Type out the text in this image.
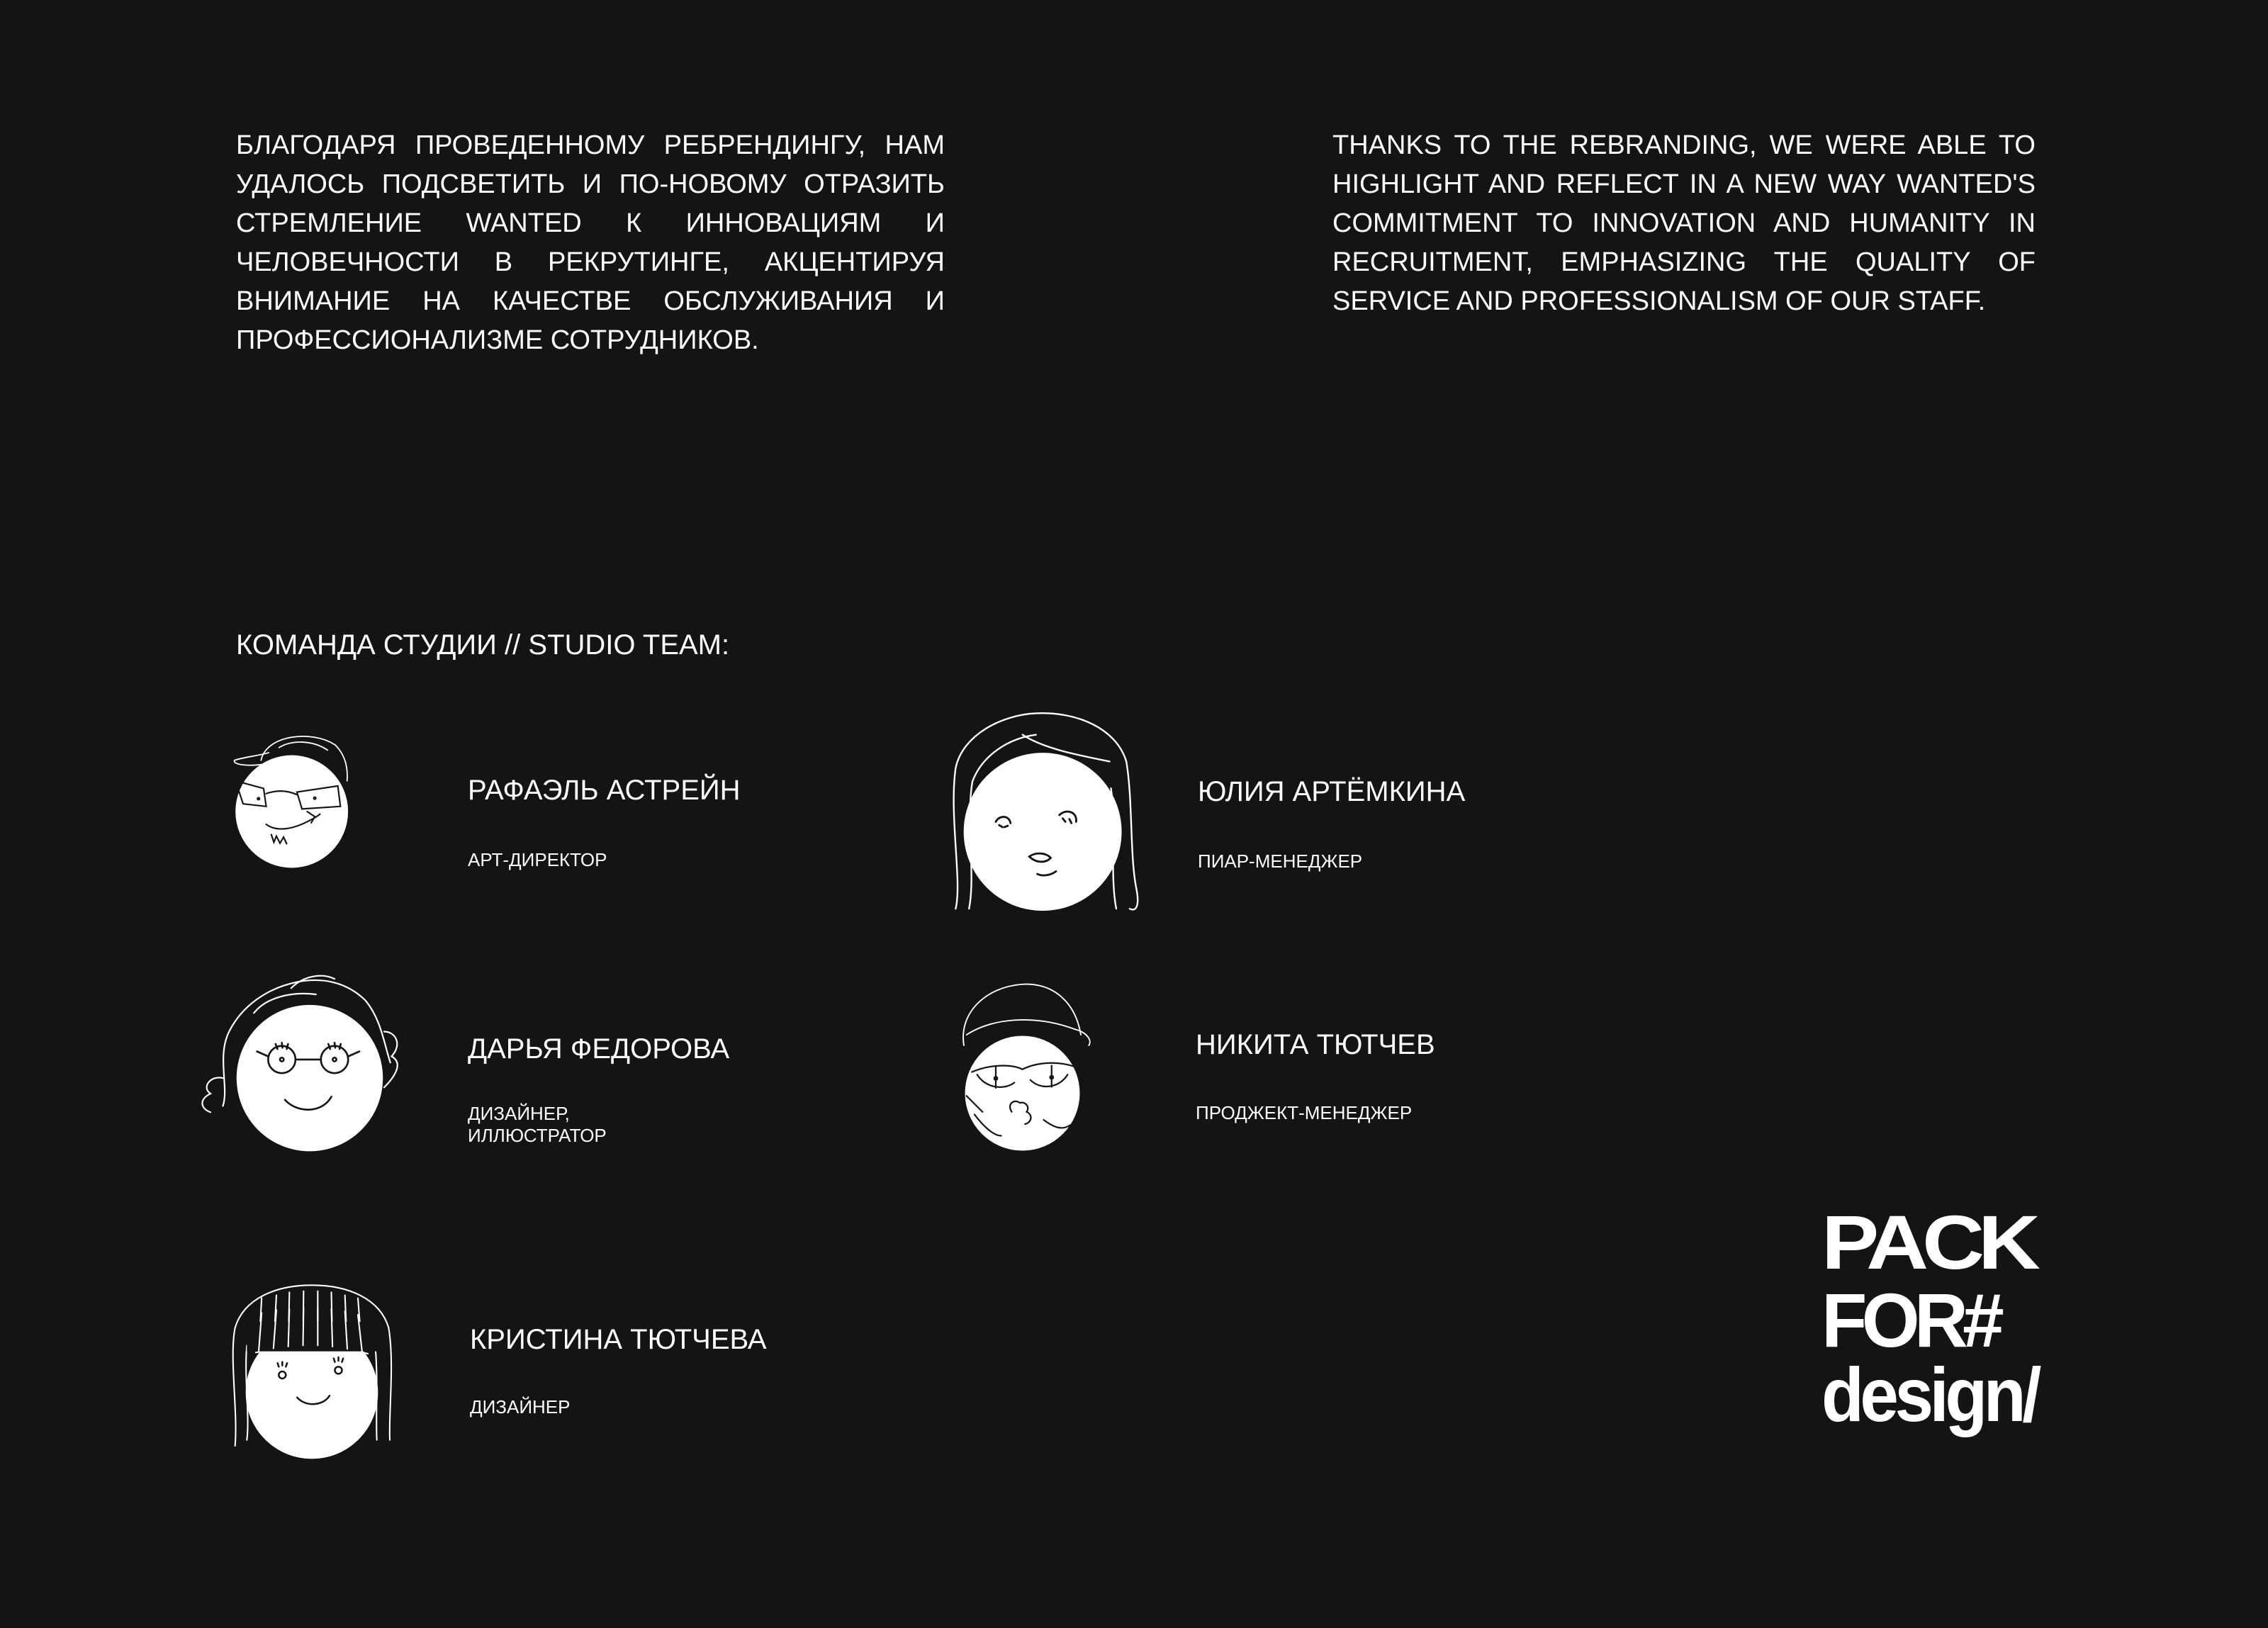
БЛАГОДАРЯ ПРОВЕДЕННОМУ РЕБРЕНДИНГУ, НАМ УДАЛОСЬ ПОДСВЕТИТЬ И ПО-НОВОМУ ОТРАЗИТЬ СТРЕМЛЕНИЕ WANTED К ИННОВАЦИЯМ И ЧЕЛОВЕЧНОСТИ В РЕКРУТИНГЕ, АКЦЕНТИРУЯ ВНИМАНИЕ НА КАЧЕСТВЕ ОБСЛУЖИВАНИЯ И ПРОФЕССИОНАЛИЗМЕ СОТРУДНИКОВ.

THANKS TO THE REBRANDING, WE WERE ABLE TO HIGHLIGHT AND REFLECT IN A NEW WAY WANTED'S COMMITMENT TO INNOVATION AND HUMANITY IN RECRUITMENT, EMPHASIZING THE QUALITY OF SERVICE AND PROFESSIONALISM OF OUR STAFF.

КОМАНДА СТУДИИ // STUDIO TEAM:

РАФАЭЛЬ АСТРЕЙН

АРТ-ДИРЕКТОР

ЮЛИЯ АРТЁМКИНА

ПИАР-МЕНЕДЖЕР

ДАРЬЯ ФЕДОРОВА

ДИЗАЙНЕР,
ИЛЛЮСТРАТОР

НИКИТА ТЮТЧЕВ

ПРОДЖЕКТ-МЕНЕДЖЕР

КРИСТИНА ТЮТЧЕВА

ДИЗАЙНЕР

PACK
FOR#
design/
